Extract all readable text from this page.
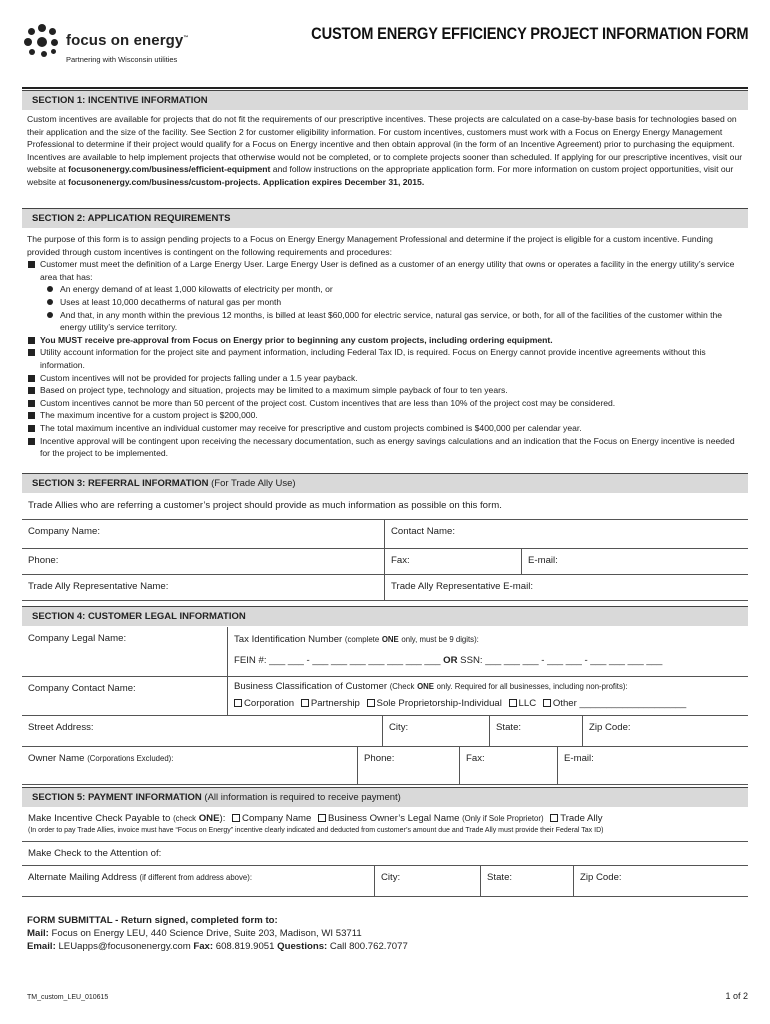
focus on energy™
Partnering with Wisconsin utilities
CUSTOM ENERGY EFFICIENCY PROJECT INFORMATION FORM
SECTION 1: INCENTIVE INFORMATION
Custom incentives are available for projects that do not fit the requirements of our prescriptive incentives. These projects are calculated on a case-by-base basis for technologies based on their application and the size of the facility. See Section 2 for customer eligibility information. For custom incentives, customers must work with a Focus on Energy Energy Management Professional to determine if their project would qualify for a Focus on Energy incentive and then obtain approval (in the form of an Incentive Agreement) prior to purchasing the equipment. Incentives are available to help implement projects that otherwise would not be completed, or to complete projects sooner than scheduled. If applying for our prescriptive incentives, visit our website at focusonenergy.com/business/efficient-equipment and follow instructions on the appropriate application form. For more information on custom project opportunities, visit our website at focusonenergy.com/business/custom-projects. Application expires December 31, 2015.
SECTION 2: APPLICATION REQUIREMENTS
The purpose of this form is to assign pending projects to a Focus on Energy Energy Management Professional and determine if the project is eligible for a custom incentive. Funding provided through custom incentives is contingent on the following requirements and procedures:
Customer must meet the definition of a Large Energy User. Large Energy User is defined as a customer of an energy utility that owns or operates a facility in the energy utility’s service area that has:
An energy demand of at least 1,000 kilowatts of electricity per month, or
Uses at least 10,000 decatherms of natural gas per month
And that, in any month within the previous 12 months, is billed at least $60,000 for electric service, natural gas service, or both, for all of the facilities of the customer within the energy utility’s service territory.
You MUST receive pre-approval from Focus on Energy prior to beginning any custom projects, including ordering equipment.
Utility account information for the project site and payment information, including Federal Tax ID, is required. Focus on Energy cannot provide incentive agreements without this information.
Custom incentives will not be provided for projects falling under a 1.5 year payback.
Based on project type, technology and situation, projects may be limited to a maximum simple payback of four to ten years.
Custom incentives cannot be more than 50 percent of the project cost. Custom incentives that are less than 10% of the project cost may be considered.
The maximum incentive for a custom project is $200,000.
The total maximum incentive an individual customer may receive for prescriptive and custom projects combined is $400,000 per calendar year.
Incentive approval will be contingent upon receiving the necessary documentation, such as energy savings calculations and an indication that the Focus on Energy incentive is needed for the project to be implemented.
SECTION 3: REFERRAL INFORMATION (For Trade Ally Use)
Trade Allies who are referring a customer’s project should provide as much information as possible on this form.
Company Name:	Contact Name:
Phone:	Fax:	E-mail:
Trade Ally Representative Name:	Trade Ally Representative E-mail:
SECTION 4: CUSTOMER LEGAL INFORMATION
Company Legal Name:	Tax Identification Number (complete ONE only, must be 9 digits):
FEIN #: ___ ___ - ___ ___ ___ ___ ___ ___ ___ OR SSN: ___ ___ ___ - ___ ___ - ___ ___ ___ ___
Company Contact Name:	Business Classification of Customer (Check ONE only. Required for all businesses, including non-profits):
Corporation Partnership Sole Proprietorship-Individual LLC Other ____________________
Street Address:	City:	State:	Zip Code:
Owner Name (Corporations Excluded):	Phone:	Fax:	E-mail:
SECTION 5: PAYMENT INFORMATION (All information is required to receive payment)
Make Incentive Check Payable to (check ONE): Company Name Business Owner’s Legal Name (Only if Sole Proprietor) Trade Ally
(In order to pay Trade Allies, invoice must have “Focus on Energy” incentive clearly indicated and deducted from customer’s amount due and Trade Ally must provide their Federal Tax ID)
Make Check to the Attention of:
Alternate Mailing Address (if different from address above):	City:	State:	Zip Code:
FORM SUBMITTAL - Return signed, completed form to:
Mail: Focus on Energy LEU, 440 Science Drive, Suite 203, Madison, WI 53711
Email: LEUapps@focusonenergy.com Fax: 608.819.9051 Questions: Call 800.762.7077
TM_custom_LEU_010615	1 of 2
